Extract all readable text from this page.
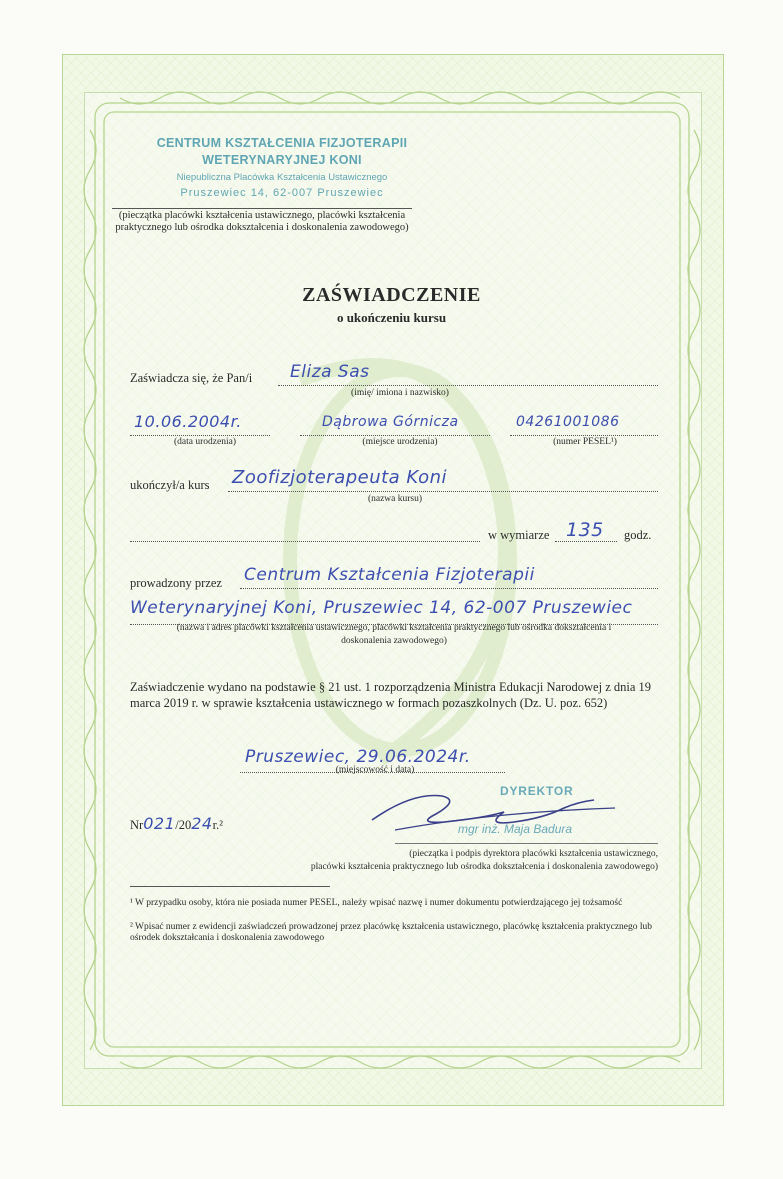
CENTRUM KSZTAŁCENIA FIZJOTERAPII
WETERYNARYJNEJ KONI
Niepubliczna Placówka Kształcenia Ustawicznego
Pruszewiec 14, 62-007 Pruszewiec
(pieczątka placówki kształcenia ustawicznego, placówki kształcenia praktycznego lub ośrodka dokształcenia i doskonalenia zawodowego)
ZAŚWIADCZENIE
o ukończeniu kursu
Zaświadcza się, że Pan/i Eliza Sas
(imię/ imiona i nazwisko)
10.06.2004r.
(data urodzenia)
Dąbrowa Górnicza
(miejsce urodzenia)
04261001086
(numer PESEL¹)
ukończył/a kurs Zoofizjoterapeuta Koni
(nazwa kursu)
w wymiarze 135 godz.
prowadzony przez Centrum Kształcenia Fizjoterapii
Weterynaryjnej Koni, Pruszewiec 14, 62-007 Pruszewiec
(nazwa i adres placówki kształcenia ustawicznego, placówki kształcenia praktycznego lub ośrodka dokształcenia i
doskonalenia zawodowego)
Zaświadczenie wydano na podstawie § 21 ust. 1 rozporządzenia Ministra Edukacji Narodowej z dnia 19 marca 2019 r. w sprawie kształcenia ustawicznego w formach pozaszkolnych (Dz. U. poz. 652)
Pruszewiec, 29.06.2024r.
(miejscowość i data)
Nr021/2024r.²
DYREKTOR
mgr inż. Maja Badura
(pieczątka i podpis dyrektora placówki kształcenia ustawicznego,
placówki kształcenia praktycznego lub ośrodka dokształcenia i doskonalenia zawodowego)
¹ W przypadku osoby, która nie posiada numer PESEL, należy wpisać nazwę i numer dokumentu potwierdzającego jej tożsamość
² Wpisać numer z ewidencji zaświadczeń prowadzonej przez placówkę kształcenia ustawicznego, placówkę kształcenia praktycznego lub ośrodek dokształcania i doskonalenia zawodowego
